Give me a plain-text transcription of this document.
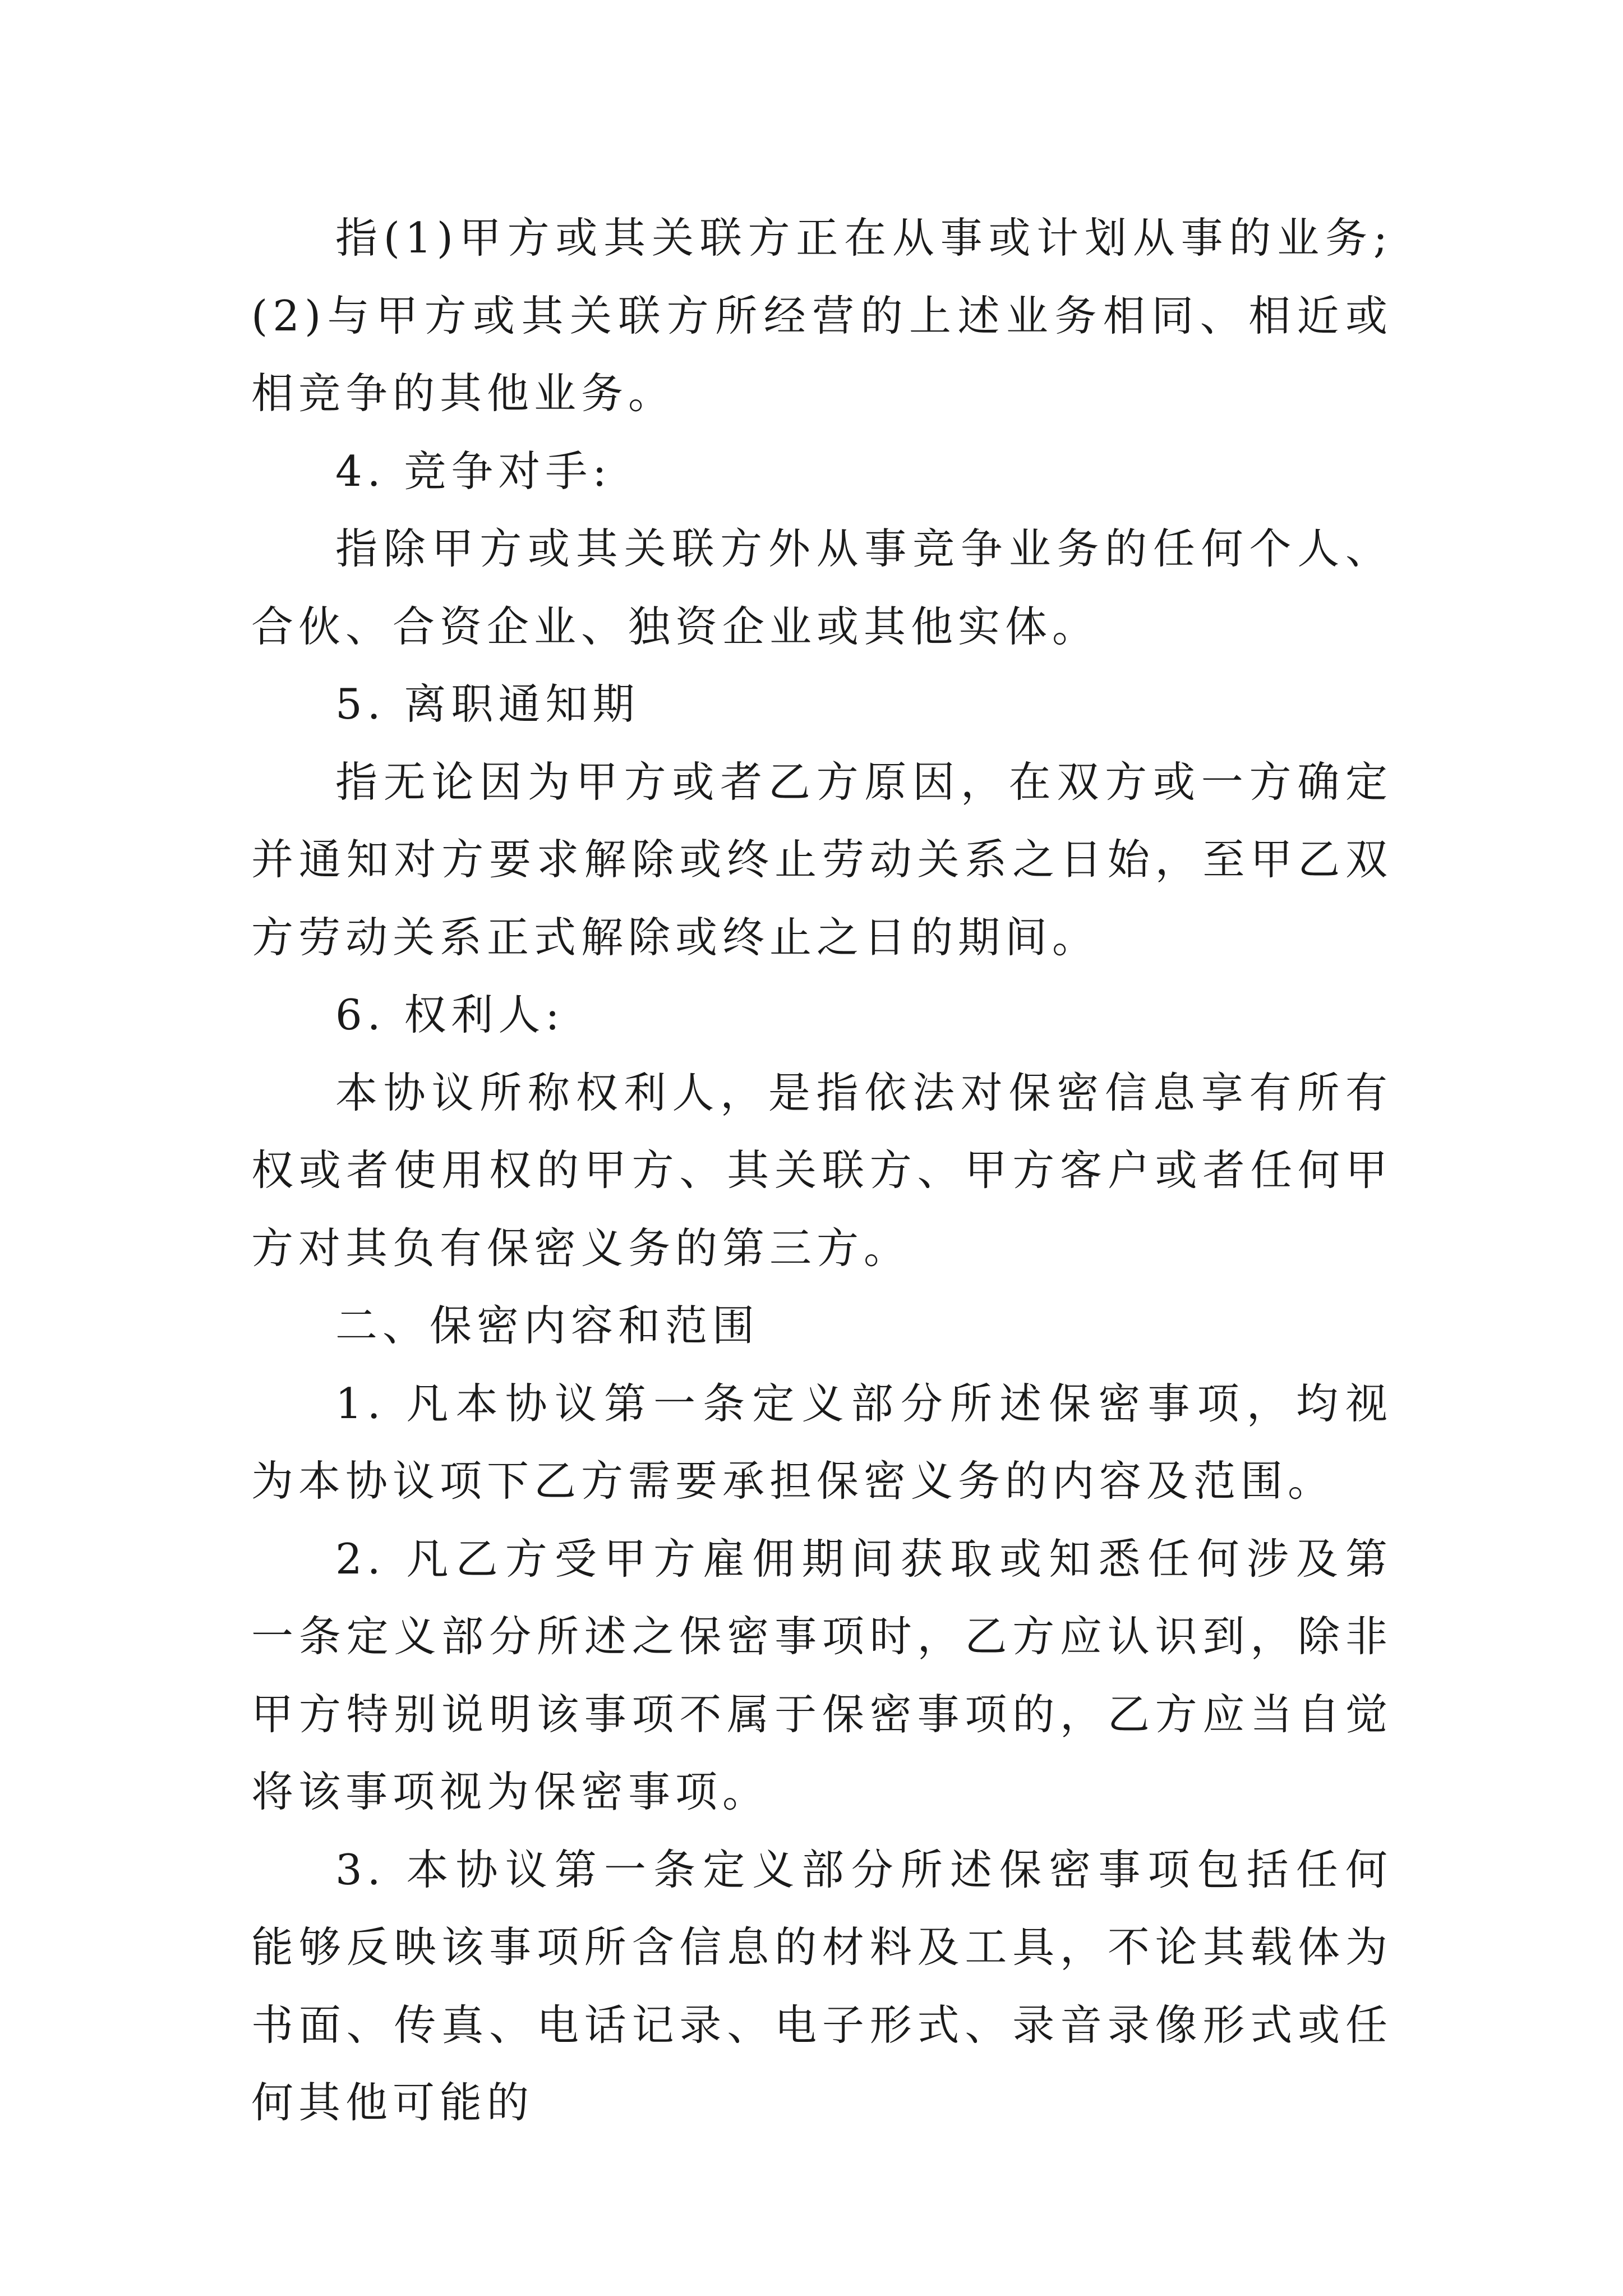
指(1)甲方或其关联方正在从事或计划从事的业务;(2)与甲方或其关联方所经营的上述业务相同、相近或相竞争的其他业务。

4. 竞争对手:

指除甲方或其关联方外从事竞争业务的任何个人、合伙、合资企业、独资企业或其他实体。

5. 离职通知期

指无论因为甲方或者乙方原因，在双方或一方确定并通知对方要求解除或终止劳动关系之日始，至甲乙双方劳动关系正式解除或终止之日的期间。

6. 权利人:

本协议所称权利人，是指依法对保密信息享有所有权或者使用权的甲方、其关联方、甲方客户或者任何甲方对其负有保密义务的第三方。

二、保密内容和范围

1. 凡本协议第一条定义部分所述保密事项，均视为本协议项下乙方需要承担保密义务的内容及范围。

2. 凡乙方受甲方雇佣期间获取或知悉任何涉及第一条定义部分所述之保密事项时，乙方应认识到，除非甲方特别说明该事项不属于保密事项的，乙方应当自觉将该事项视为保密事项。

3. 本协议第一条定义部分所述保密事项包括任何能够反映该事项所含信息的材料及工具，不论其载体为书面、传真、电话记录、电子形式、录音录像形式或任何其他可能的
